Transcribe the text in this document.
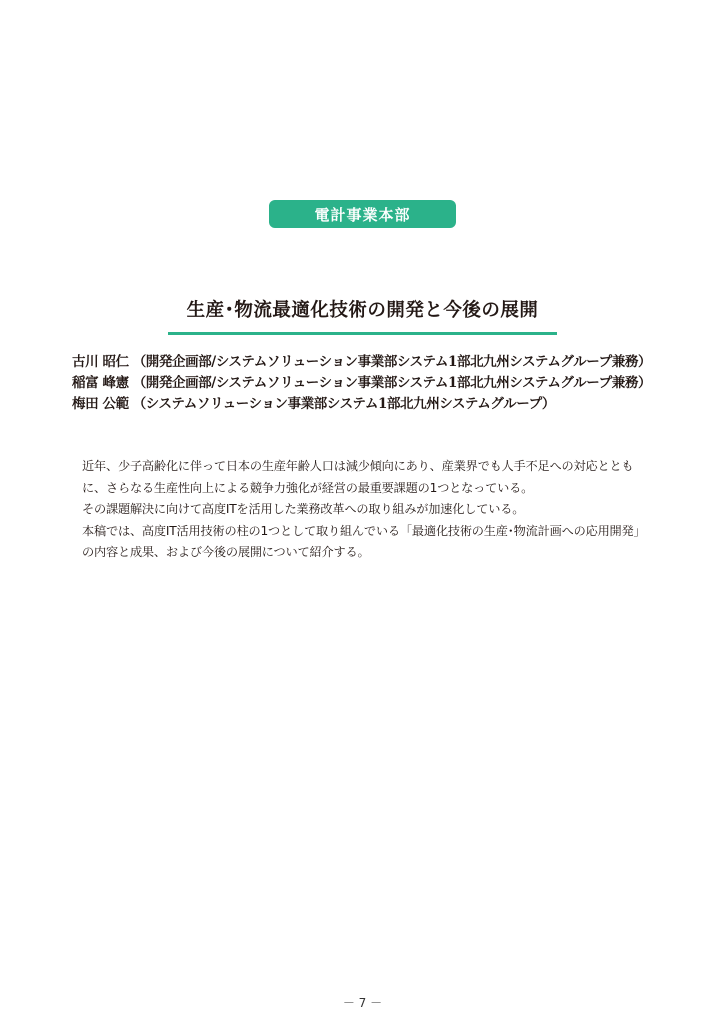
電計事業本部
生産･物流最適化技術の開発と今後の展開
古川 昭仁 （開発企画部/システムソリューション事業部システム1部北九州システムグループ兼務）
稲富 峰憲 （開発企画部/システムソリューション事業部システム1部北九州システムグループ兼務）
梅田 公範 （システムソリューション事業部システム1部北九州システムグループ）

近年、少子高齢化に伴って日本の生産年齢人口は減少傾向にあり、産業界でも人手不足への対応とともに、さらなる生産性向上による競争力強化が経営の最重要課題の1つとなっている。

その課題解決に向けて高度ITを活用した業務改革への取り組みが加速化している。

本稿では、高度IT活用技術の柱の1つとして取り組んでいる「最適化技術の生産･物流計画への応用開発」の内容と成果、および今後の展開について紹介する。

－ 7 －
